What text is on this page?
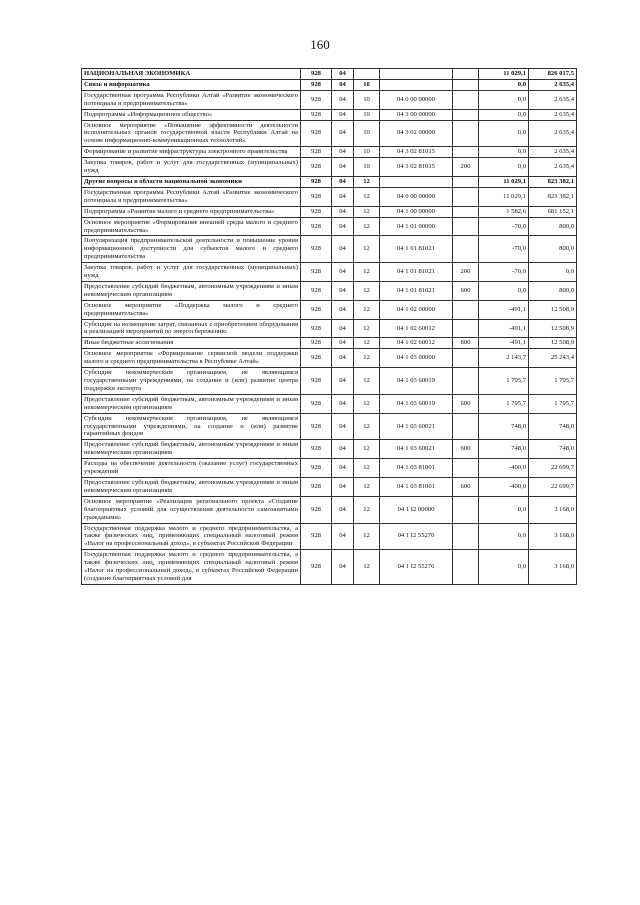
160
НАЦИОНАЛЬНАЯ ЭКОНОМИКА	928	04				11 029,1	826 017,5
Связь и информатика	928	04	10			0,0	2 635,4
Государственная программа Республики Алтай «Развитие экономического потенциала и предпринимательства»	928	04	10	04 0 00 00000		0,0	2 635,4
Подпрограмма «Информационное общество»	928	04	10	04 3 00 00000		0,0	2 635,4
Основное мероприятие «Повышение эффективности деятельности исполнительных органов государственной власти Республики Алтай на основе информационно-коммуникационных технологий»	928	04	10	04 3 02 00000		0,0	2 635,4
Формирование и развитие инфраструктуры электронного правительства	928	04	10	04 3 02 81015		0,0	2 635,4
Закупка товаров, работ и услуг для государственных (муниципальных) нужд	928	04	10	04 3 02 81015	200	0,0	2 635,4
Другие вопросы в области национальной экономики	928	04	12			11 029,1	823 382,1
Государственная программа Республики Алтай «Развитие экономического потенциала и предпринимательства»	928	04	12	04 0 00 00000		11 029,1	823 382,1
Подпрограмма «Развитие малого и среднего предпринимательства»	928	04	12	04 1 00 00000		1 582,6	681 152,1
Основное мероприятие «Формирование внешней среды малого и среднего предпринимательства»	928	04	12	04 1 01 00000		-70,0	800,0
Популяризация предпринимательской деятельности и повышение уровня информационной доступности для субъектов малого и среднего предпринимательства	928	04	12	04 1 01 81021		-70,0	800,0
Закупка товаров, работ и услуг для государственных (муниципальных) нужд	928	04	12	04 1 01 81021	200	-70,0	0,0
Предоставление субсидий бюджетным, автономным учреждениям и иным некоммерческим организациям	928	04	12	04 1 01 81021	600	0,0	800,0
Основное мероприятие «Поддержка малого и среднего предпринимательства»	928	04	12	04 1 02 00000		-491,1	12 508,9
Субсидии на возмещение затрат, связанных с приобретением оборудования и реализацией мероприятий по энергосбережению	928	04	12	04 1 02 60012		-491,1	12 508,9
Иные бюджетные ассигнования	928	04	12	04 1 02 60012	800	-491,1	12 508,9
Основное мероприятие «Формирование сервисной модели поддержки малого и среднего предпринимательства в Республике Алтай»	928	04	12	04 1 03 00000		2 143,7	25 243,4
Субсидии некоммерческим организациям, не являющимся государственными учреждениями, на создание и (или) развитие центра поддержки экспорта	928	04	12	04 1 03 60019		1 795,7	1 795,7
Предоставление субсидий бюджетным, автономным учреждениям и иным некоммерческим организациям	928	04	12	04 1 03 60019	600	1 795,7	1 795,7
Субсидии некоммерческим организациям, не являющимся государственными учреждениями, на создание и (или) развитие гарантийных фондов	928	04	12	04 1 03 60021		748,0	748,0
Предоставление субсидий бюджетным, автономным учреждениям и иным некоммерческим организациям	928	04	12	04 1 03 60021	600	748,0	748,0
Расходы на обеспечение деятельности (оказание услуг) государственных учреждений	928	04	12	04 1 03 81001		-400,0	22 699,7
Предоставление субсидий бюджетным, автономным учреждениям и иным некоммерческим организациям	928	04	12	04 1 03 81001	600	-400,0	22 699,7
Основное мероприятие «Реализация регионального проекта «Создание благоприятных условий для осуществления деятельности самозанятыми гражданами»	928	04	12	04 1 I2 00000		0,0	3 168,0
Государственная поддержка малого и среднего предпринимательства, а также физических лиц, применяющих специальный налоговый режим «Налог на профессиональный доход», в субъектах Российской Федерации	928	04	12	04 1 I2 55270		0,0	3 168,0
Государственная поддержка малого и среднего предпринимательства, а также физических лиц, применяющих специальный налоговый режим «Налог на профессиональный доход», в субъектах Российской Федерации (создание благоприятных условий для	928	04	12	04 1 I2 55276		0,0	3 168,0
